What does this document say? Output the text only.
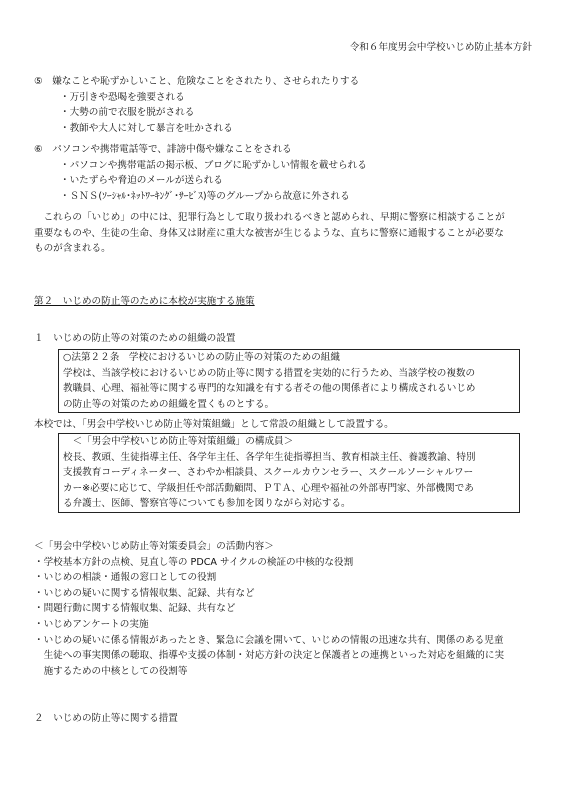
令和６年度男会中学校いじめ防止基本方針
⑤　嫌なことや恥ずかしいこと、危険なことをされたり、させられたりする
・万引きや恐喝を強要される
・大勢の前で衣服を脱がされる
・教師や大人に対して暴言を吐かされる
⑥　パソコンや携帯電話等で、誹謗中傷や嫌なことをされる
・パソコンや携帯電話の掲示板、ブログに恥ずかしい情報を載せられる
・いたずらや脅迫のメールが送られる
・ＳＮＳ(ｿｰｼｬﾙ･ﾈｯﾄﾜｰｷﾝｸﾞ･ｻｰﾋﾞｽ)等のグループから故意に外される
　これらの「いじめ」の中には、犯罪行為として取り扱われるべきと認められ、早期に警察に相談することが
重要なものや、生徒の生命、身体又は財産に重大な被害が生じるような、直ちに警察に通報することが必要な
ものが含まれる。
第２　いじめの防止等のために本校が実施する施策
１　いじめの防止等の対策のための組織の設置
○法第２２条　学校におけるいじめの防止等の対策のための組織
学校は、当該学校におけるいじめの防止等に関する措置を実効的に行うため、当該学校の複数の
教職員、心理、福祉等に関する専門的な知識を有する者その他の関係者により構成されるいじめ
の防止等の対策のための組織を置くものとする。
本校では、「男会中学校いじめ防止等対策組織」として常設の組織として設置する。
　＜「男会中学校いじめ防止等対策組織」の構成員＞
校長、教頭、生徒指導主任、各学年主任、各学年生徒指導担当、教育相談主任、養護教諭、特別
支援教育コーディネーター、さわやか相談員、スクールカウンセラー、スクールソーシャルワー
カー※必要に応じて、学級担任や部活動顧問、ＰＴＡ、心理や福祉の外部専門家、外部機関であ
る弁護士、医師、警察官等についても参加を図りながら対応する。
＜「男会中学校いじめ防止等対策委員会」の活動内容＞
・学校基本方針の点検、見直し等の PDCA サイクルの検証の中核的な役割
・いじめの相談・通報の窓口としての役割
・いじめの疑いに関する情報収集、記録、共有など
・問題行動に関する情報収集、記録、共有など
・いじめアンケートの実施
・いじめの疑いに係る情報があったとき、緊急に会議を開いて、いじめの情報の迅速な共有、関係のある児童
　生徒への事実関係の聴取、指導や支援の体制・対応方針の決定と保護者との連携といった対応を組織的に実
　施するための中核としての役割等
２　いじめの防止等に関する措置
